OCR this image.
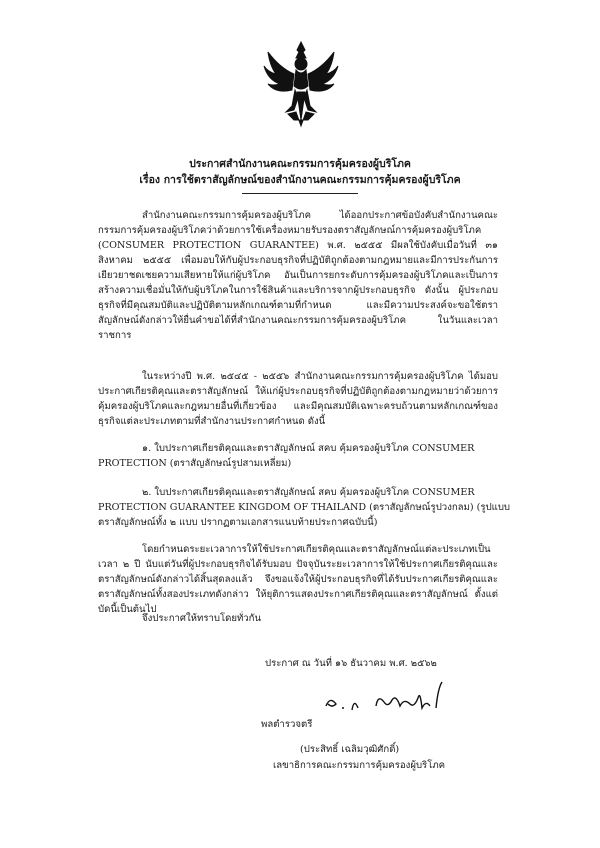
ประกาศสำนักงานคณะกรรมการคุ้มครองผู้บริโภค
เรื่อง การใช้ตราสัญลักษณ์ของสำนักงานคณะกรรมการคุ้มครองผู้บริโภค
สำนักงานคณะกรรมการคุ้มครองผู้บริโภค ได้ออกประกาศข้อบังคับสำนักงานคณะกรรมการคุ้มครองผู้บริโภคว่าด้วยการใช้เครื่องหมายรับรองตราสัญลักษณ์การคุ้มครองผู้บริโภค (CONSUMER PROTECTION GUARANTEE) พ.ศ. ๒๕๕๕ มีผลใช้บังคับเมื่อวันที่ ๓๑ สิงหาคม ๒๕๕๕ เพื่อมอบให้กับผู้ประกอบธุรกิจที่ปฏิบัติถูกต้องตามกฎหมายและมีการประกันการเยียวยาชดเชยความเสียหายให้แก่ผู้บริโภค อันเป็นการยกระดับการคุ้มครองผู้บริโภคและเป็นการสร้างความเชื่อมั่นให้กับผู้บริโภคในการใช้สินค้าและบริการจากผู้ประกอบธุรกิจ ดังนั้น ผู้ประกอบธุรกิจที่มีคุณสมบัติและปฏิบัติตามหลักเกณฑ์ตามที่กำหนด และมีความประสงค์จะขอใช้ตราสัญลักษณ์ดังกล่าวให้ยื่นคำขอได้ที่สำนักงานคณะกรรมการคุ้มครองผู้บริโภค ในวันและเวลาราชการ
ในระหว่างปี พ.ศ. ๒๕๔๕ - ๒๕๕๖ สำนักงานคณะกรรมการคุ้มครองผู้บริโภค ได้มอบประกาศเกียรติคุณและตราสัญลักษณ์ ให้แก่ผู้ประกอบธุรกิจที่ปฏิบัติถูกต้องตามกฎหมายว่าด้วยการคุ้มครองผู้บริโภคและกฎหมายอื่นที่เกี่ยวข้อง และมีคุณสมบัติเฉพาะครบถ้วนตามหลักเกณฑ์ของธุรกิจแต่ละประเภทตามที่สำนักงานประกาศกำหนด ดังนี้
๑. ใบประกาศเกียรติคุณและตราสัญลักษณ์ สคบ คุ้มครองผู้บริโภค CONSUMER PROTECTION (ตราสัญลักษณ์รูปสามเหลี่ยม)
๒. ใบประกาศเกียรติคุณและตราสัญลักษณ์ สคบ คุ้มครองผู้บริโภค CONSUMER PROTECTION GUARANTEE KINGDOM OF THAILAND (ตราสัญลักษณ์รูปวงกลม) (รูปแบบตราสัญลักษณ์ทั้ง ๒ แบบ ปรากฏตามเอกสารแนบท้ายประกาศฉบับนี้)
โดยกำหนดระยะเวลาการให้ใช้ประกาศเกียรติคุณและตราสัญลักษณ์แต่ละประเภทเป็นเวลา ๒ ปี นับแต่วันที่ผู้ประกอบธุรกิจได้รับมอบ ปัจจุบันระยะเวลาการให้ใช้ประกาศเกียรติคุณและตราสัญลักษณ์ดังกล่าวได้สิ้นสุดลงแล้ว จึงขอแจ้งให้ผู้ประกอบธุรกิจที่ได้รับประกาศเกียรติคุณและตราสัญลักษณ์ทั้งสองประเภทดังกล่าว ให้ยุติการแสดงประกาศเกียรติคุณและตราสัญลักษณ์ ตั้งแต่บัดนี้เป็นต้นไป
จึงประกาศให้ทราบโดยทั่วกัน
ประกาศ ณ วันที่ ๑๖ ธันวาคม พ.ศ. ๒๕๖๒
พลตำรวจตรี
(ประสิทธิ์ เฉลิมวุฒิศักดิ์)
เลขาธิการคณะกรรมการคุ้มครองผู้บริโภค
